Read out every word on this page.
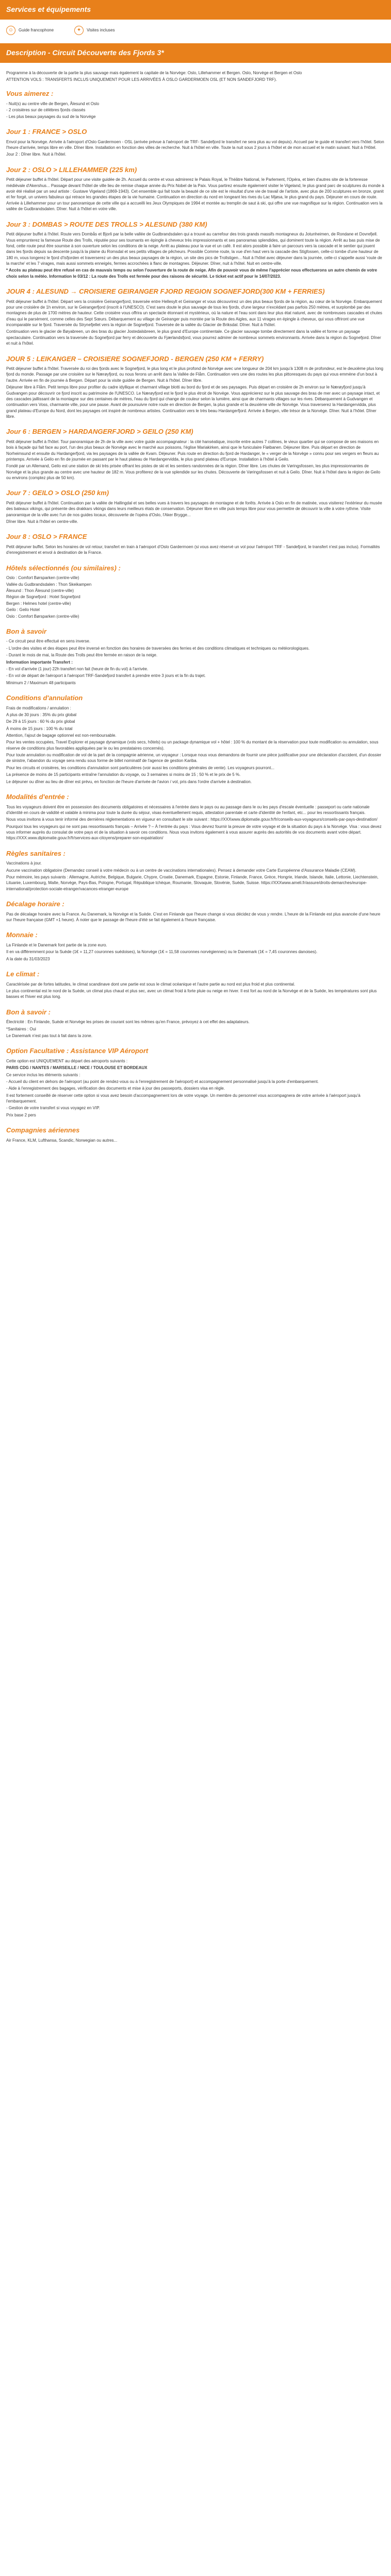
Services et équipements
☺	Guide francophone	✦	Visites incluses
Description - Circuit Découverte des Fjords 3*

Programme à la découverte de la partie la plus sauvage mais également la capitale de la Norvège: Oslo, Lillehammer et Bergen. Oslo, Norvège et Bergen et Oslo

ATTENTION VOLS : TRANSFERTS INCLUS UNIQUEMENT POUR LES ARRIVÉES À OSLO GARDERMOEN OSL (ET NON SANDEFJORD TRF).

Vous aimerez :
- Nuit(s) au centre ville de Bergen, Ålesund et Oslo
- 2 croisières sur de célèbres fjords classés
- Les plus beaux paysages du sud de la Norvège
Jour 1 : FRANCE > OSLO

Envol pour la Norvège. Arrivée à l'aéroport d'Oslo Gardermoen - OSL (arrivée prévue à l'aéroport de TRF- Sandefjord le transfert ne sera plus au vol depuis). Accueil par le guide et transfert vers l'hôtel. Selon l'heure d'arrivée, temps libre en ville. Dîner libre. Installation en fonction des villes de recherche. Nuit à l'hôtel en ville. Toute la nuit sous 2 jours à l'hôtel et de mon accueil et le matin suivant. Nuit à l'Hôtel.

Jour 2 : Dîner libre. Nuit à l'hôtel.

Jour 2 : OSLO > LILLEHAMMER (225 km)

Petit déjeuner buffet à l'hôtel. Départ pour une visite guidée de 2h. Accueil du centre et vous admirerez le Palais Royal, le Théâtre National, le Parlement, l'Opéra, et bien d'autres site de la forteresse médiévale d'Akershus... Passage devant l'hôtel de ville lieu de remise chaque année du Prix Nobel de la Paix. Vous partirez ensuite également visiter le Vigeland, le plus grand parc de sculptures du monde à avoir été réalisé par un seul artiste : Gustave Vigeland (1869-1943). Cet ensemble qui fait toute la beauté de ce site est le résultat d'une vie de travail de l'artiste, avec plus de 200 sculptures en bronze, granit et fer forgé, un univers fabuleux qui retrace les grandes étapes de la vie humaine. Continuation en direction du nord en longeant les rives du Lac Mjøsa, le plus grand du pays. Déjeuner en cours de route. Arrivée à Lillehammer pour un tour panoramique de cette ville qui a accueilli les Jeux Olympiques de 1994 et montée au tremplin de saut à ski, qui offre une vue magnifique sur la région. Continuation vers la vallée de Gudbrandsdalen. Dîner. Nuit à l'hôtel en votre ville.

Jour 3 : DOMBAS > ROUTE DES TROLLS > ALESUND (380 KM)

Petit déjeuner buffet à l'hôtel. Route vers Dombås et Bjorli par la belle vallée de Gudbrandsdalen qui a trouvé au carrefour des trois grands massifs montagneux du Jotunheimen, de Rondane et Dovrefjell. Vous emprunterez la fameuse Route des Trolls, réputée pour ses tournants en épingle à cheveux très impressionnants et ses panoramas splendides, qui dominent toute la région. Arrêt au bas puis mise de fond, cette route peut être soumise à son ouverture selon les conditions de la neige. Arrêt au plateau pour la vue et un café. Il est alors possible à faire un parcours vers la cascade et le sentier qui jouent dans les fjords depuis sa descente jusqu'à la plaine du Romsdal et ses petits villages de pêcheurs. Possible Comme route, la vue d'en haut vers la cascade des Stigfossen, celle-ci tombe d'une hauteur de 180 m, vous longerez le fjord d'Isfjorden et traverserez un des plus beaux paysages de la région, un site des pics de Trollstigen... Nuit à l'hôtel avec déjeuner dans la journée, celle-ci s'appelle aussi 'route de la marche' et les 7 virages, mais aussi sommets enneigés, fermes accrochées à flanc de montagnes. Déjeuner. Dîner, nuit à l'hôtel. Nuit en centre-ville.

* Accès au plateau peut être refusé en cas de mauvais temps ou selon l'ouverture de la route de neige. Afin de pouvoir vous de même l'apprécier nous effectuerons un autre chemin de votre choix selon la météo. Information le 03/12 : La route des Trolls est fermée pour des raisons de sécurité. Le ticket est actif pour le 14/07/2023.

JOUR 4 : ALESUND → CROISIERE GEIRANGER FJORD REGION SOGNEFJORD(300 KM + FERRIES)

Petit déjeuner buffet à l'hôtel. Départ vers la croisière Geirangerfjord, traversée entre Hellesylt et Geiranger et vous découvrirez un des plus beaux fjords de la région, au cœur de la Norvège. Embarquement pour une croisière de 1h environ, sur le Geirangerfjord (inscrit à l'UNESCO). C'est sans doute le plus sauvage de tous les fjords, d'une largeur n'excédant pas parfois 250 mètres, et surplombé par des montagnes de plus de 1700 mètres de hauteur. Cette croisière vous offrira un spectacle étonnant et mystérieux, où la nature et l'eau sont dans leur plus état naturel, avec de nombreuses cascades et chutes d'eau qui le parsèment, comme celles des Sept Sœurs. Débarquement au village de Geiranger puis montée par la Route des Aigles, aux 11 virages en épingle à cheveux, qui vous offriront une vue incomparable sur le fjord. Traversée du Strynefjellet vers la région de Sognefjord. Traversée de la vallée du Glacier de Briksdal. Dîner. Nuit à l'hôtel.

Continuation vers le glacier de Bøyabreen, un des bras du glacier Jostedalsbreen, le plus grand d'Europe continentale. Ce glacier sauvage tombe directement dans la vallée et forme un paysage spectaculaire. Continuation vers la traversée du Sognefjord par ferry et découverte du Fjærlandsfjord, vous pourrez admirer de nombreux sommets environnants. Arrivée dans la région du Sognefjord. Dîner et nuit à l'hôtel.

JOUR 5 : LEIKANGER – CROISIERE SOGNEFJORD - BERGEN (250 KM + FERRY)

Petit déjeuner buffet à l'hôtel. Traversée du roi des fjords avec le Sognefjord, le plus long et le plus profond de Norvège avec une longueur de 204 km jusqu'à 1308 m de profondeur, est le deuxième plus long fjord du monde. Passage par une croisière sur le Nærøyfjord, ou nous ferons un arrêt dans la Vallée de Flåm. Continuation vers une des routes les plus pittoresques du pays qui vous emmène d'un bout à l'autre. Arrivée en fin de journée à Bergen. Départ pour la visite guidée de Bergen. Nuit à l'hôtel. Dîner libre.

Déjeuner libre à Flåm. Petit temps libre pour profiter du cadre idyllique et charmant village blotti au bord du fjord et de ses paysages. Puis départ en croisière de 2h environ sur le Nærøyfjord jusqu'à Gudvangen pour découvrir ce fjord inscrit au patrimoine de l'UNESCO. Le Nærøyfjord est le fjord le plus étroit de Norvège. Vous apprécierez sur le plus sauvage des bras de mer avec un paysage intact, et des cascades jaillissant de la montagne sur des centaines de mètres, l'eau du fjord qui change de couleur selon la lumière, ainsi que de charmants villages sur les rives. Débarquement à Gudvangen et continuation vers Voss, charmante ville, pour une pause. Avant de poursuivre notre route en direction de Bergen, la plus grande et la deuxième ville de Norvège. Vous traverserez la Hardangervidda, plus grand plateau d'Europe du Nord, dont les paysages ont inspiré de nombreux artistes. Continuation vers le très beau Hardangerfjord. Arrivée à Bergen, ville trésor de la Norvège. Dîner. Nuit à l'hôtel. Dîner libre.

Jour 6 : BERGEN > HARDANGERFJORD > GEILO (250 KM)

Petit déjeuner buffet à l'hôtel. Tour panoramique de 2h de la ville avec votre guide accompagnateur : la cité hanséatique, inscrite entre autres 7 collines, le vieux quartier qui se compose de ses maisons en bois à façade qui fait face au port, l'un des plus beaux de Norvège avec le marché aux poissons, l'église Mariakirken, ainsi que le funiculaire Fløibanen. Déjeuner libre. Puis départ en direction de Norheimsund et ensuite du Hardangerfjord, via les paysages de la vallée de Kvam. Déjeuner. Puis route en direction du fjord de Hardanger, le « verger de la Norvège » connu pour ses vergers en fleurs au printemps. Arrivée à Geilo en fin de journée en passant par le haut plateau de Hardangervidda, le plus grand plateau d'Europe. Installation à l'hôtel à Geilo.

Fondé par un Allemand, Geilo est une station de ski très prisée offrant les pistes de ski et les sentiers randonnées de la région. Dîner libre. Les chutes de Vøringsfossen, les plus impressionnantes de Norvège et la plus grande au centre avec une hauteur de 182 m. Vous profiterez de la vue splendide sur les chutes. Découverte de Vøringsfossen et nuit à Geilo. Dîner. Nuit à l'hôtel dans la région de Geilo ou environs (comptez plus de 50 km).

Jour 7 : GEILO > OSLO (250 km)

Petit déjeuner buffet à l'hôtel. Continuation par la vallée de Hallingdal et ses belles vues à travers les paysages de montagne et de forêts. Arrivée à Oslo en fin de matinée, vous visiterez l'extérieur du musée des bateaux vikings, qui présente des drakkars vikings dans leurs meilleurs états de conservation. Déjeuner libre en ville puis temps libre pour vous permettre de découvrir la ville à votre rythme. Visite panoramique de la ville avec l'un de nos guides locaux, découverte de l'opéra d'Oslo, l'Aker Brygge...

Dîner libre. Nuit à l'hôtel en centre-ville.

Jour 8 : OSLO > FRANCE

Petit déjeuner buffet. Selon les horaires de vol retour, transfert en train à l'aéroport d'Oslo Gardermoen (si vous avez réservé un vol pour l'aéroport TRF - Sandefjord, le transfert n'est pas inclus). Formalités d'enregistrement et envol à destination de la France.

Hôtels sélectionnés (ou similaires) :

Oslo : Comfort Børsparken (centre-ville)

Vallée du Gudbrandsdalen : Thon Skeikampen

Ålesund : Thon Ålesund (centre-ville)

Région de Sognefjord : Hotel Sognefjord

Bergen : Helmes hotel (centre-ville)

Geilo : Geilo Hotel

Oslo : Comfort Børsparken (centre-ville)

Bon à savoir

- Ce circuit peut être effectué en sens inverse.

- L'ordre des visites et des étapes peut être inversé en fonction des horaires de traversées des ferries et des conditions climatiques et techniques ou météorologiques.

- Durant le mois de mai, la Route des Trolls peut être fermée en raison de la neige.

Information importante Transfert :

- En vol d'arrivée (1 jour) 22h transfert non fait (heure de fin du vol) à l'arrivée.

- En vol de départ de l'aéroport à l'aéroport TRF-Sandefjord transfert à prendre entre 3 jours et la fin du trajet.

Minimum 2 / Maximum 48 participants

Conditions d'annulation

Frais de modifications / annulation :

A plus de 30 jours : 35% du prix global

De 29 à 15 jours : 60 % du prix global

À moins de 15 jours : 100 % du total

Attention, l'ajout de bagage optionnel est non-remboursable.

Pour les ventes occupées, Travel Explorer et paysage dynamique (vols secs, hôtels) ou un package dynamique vol + hôtel : 100 % du montant de la réservation pour toute modification ou annulation, sous réserve de conditions plus favorables appliquées par le ou les prestataires concernés).

Pour toute annulation ou modification de vol de la part de la compagnie aérienne, un voyageur : Lorsque nous vous demandons de fournir une pièce justificative pour une déclaration d'accident, d'un dossier de sinistre, l'abandon du voyage sera rendu sous forme de billet nominatif de l'agence de gestion Kariba.

Pour les circuits et croisières, les conditions d'annulation sont particulières (voir aussi les conditions générales de vente). Les voyageurs pourront...

La présence de moins de 15 participants entraîne l'annulation du voyage, ou 3 semaines si moins de 15 ; 50 % et le prix de 5 %.

Le déjeuner ou dîner au lieu de dîner est prévu, en fonction de l'heure d'arrivée de l'avion / vol, pris dans l'ordre d'arrivée à destination.

Modalités d'entrée :

Tous les voyageurs doivent être en possession des documents obligatoires et nécessaires à l'entrée dans le pays ou au passage dans le ou les pays d'escale éventuelle : passeport ou carte nationale d'identité en cours de validité et valable à minima pour toute la durée du séjour, visas éventuellement requis, attestation parentale et carte d'identité de l'enfant, etc... pour les ressortissants français.

Nous vous invitons à vous tenir informé des dernières réglementations en vigueur en consultant le site suivant : https://XXXwww.diplomatie.gouv.fr/fr/conseils-aux-voyageurs/conseils-par-pays-destination/

Pourquoi tous les voyageurs qui ne sont pas ressortissants français – Arrivée ? – À l'entrée du pays : Vous devrez fournir la preuve de votre voyage et de la situation du pays à la Norvège. Visa : vous devez vous informer auprès du consulat de votre pays et de la situation à savoir ces conditions. Nous vous invitons également à vous assurer auprès des autorités de vos documents avant votre départ. https://XXX.www.diplomatie.gouv.fr/fr/services-aux-citoyens/preparer-son-expatriation/

Règles sanitaires :

Vaccinations à jour.

Aucune vaccination obligatoire (Demandez conseil à votre médecin ou à un centre de vaccinations internationales). Pensez à demander votre Carte Européenne d'Assurance Maladie (CEAM).

Pour mémoire, les pays suivants : Allemagne, Autriche, Belgique, Bulgarie, Chypre, Croatie, Danemark, Espagne, Estonie, Finlande, France, Grèce, Hongrie, Irlande, Islande, Italie, Lettonie, Liechtenstein, Lituanie, Luxembourg, Malte, Norvège, Pays-Bas, Pologne, Portugal, République tchèque, Roumanie, Slovaquie, Slovénie, Suède, Suisse. https://XXXwww.ameli.fr/assure/droits-demarches/europe-international/protection-sociale-etranger/vacances-etranger-europe

Décalage horaire :

Pas de décalage horaire avec la France. Au Danemark, la Norvège et la Suède. C'est en Finlande que l'heure change si vous décidez de vous y rendre. L'heure de la Finlande est plus avancée d'une heure sur l'heure française (GMT +1 heure). À noter que le passage de l'heure d'été se fait également à l'heure française.

Monnaie :

La Finlande et le Danemark font partie de la zone euro.

Il en va différemment pour la Suède (1€ = 11,27 couronnes suédoises), la Norvège (1€ = 11,58 couronnes norvégiennes) ou le Danemark (1€ = 7,45 couronnes danoises).

A la date du 31/03/2023

Le climat :

Caractérisée par de fortes latitudes, le climat scandinave dont une partie est sous le climat océanique et l'autre partie au nord est plus froid et plus continental.

Le plus continental est le nord de la Suède, un climat plus chaud et plus sec, avec un climat froid à forte pluie ou neige en hiver. Il est fort au nord de la Norvège et de la Suède, les températures sont plus basses et l'hiver est plus long.

Bon à savoir :

Électricité : En Finlande, Suède et Norvège les prises de courant sont les mêmes qu'en France, prévoyez à cet effet des adaptateurs.

*Sanitaires : Oui

Le Danemark n'est pas tout à fait dans la zone.

Option Facultative : Assistance VIP Aéroport

Cette option est UNIQUEMENT au départ des aéroports suivants :

PARIS CDG / NANTES / MARSEILLE / NICE / TOULOUSE ET BORDEAUX

Ce service inclus les éléments suivants :

- Accueil du client en dehors de l'aéroport (au point de rendez-vous ou à l'enregistrement de l'aéroport) et accompagnement personnalisé jusqu'à la porte d'embarquement.

- Aide à l'enregistrement des bagages, vérification des documents et mise à jour des passeports, dossiers visa en règle.

Il est fortement conseillé de réserver cette option si vous avez besoin d'accompagnement lors de votre voyage. Un membre du personnel vous accompagnera de votre arrivée à l'aéroport jusqu'à l'embarquement.

- Gestion de votre transfert si vous voyagez en VIP.

Prix base 2 pers

Compagnies aériennes

Air France, KLM, Lufthansa, Scandic, Norwegian ou autres...
